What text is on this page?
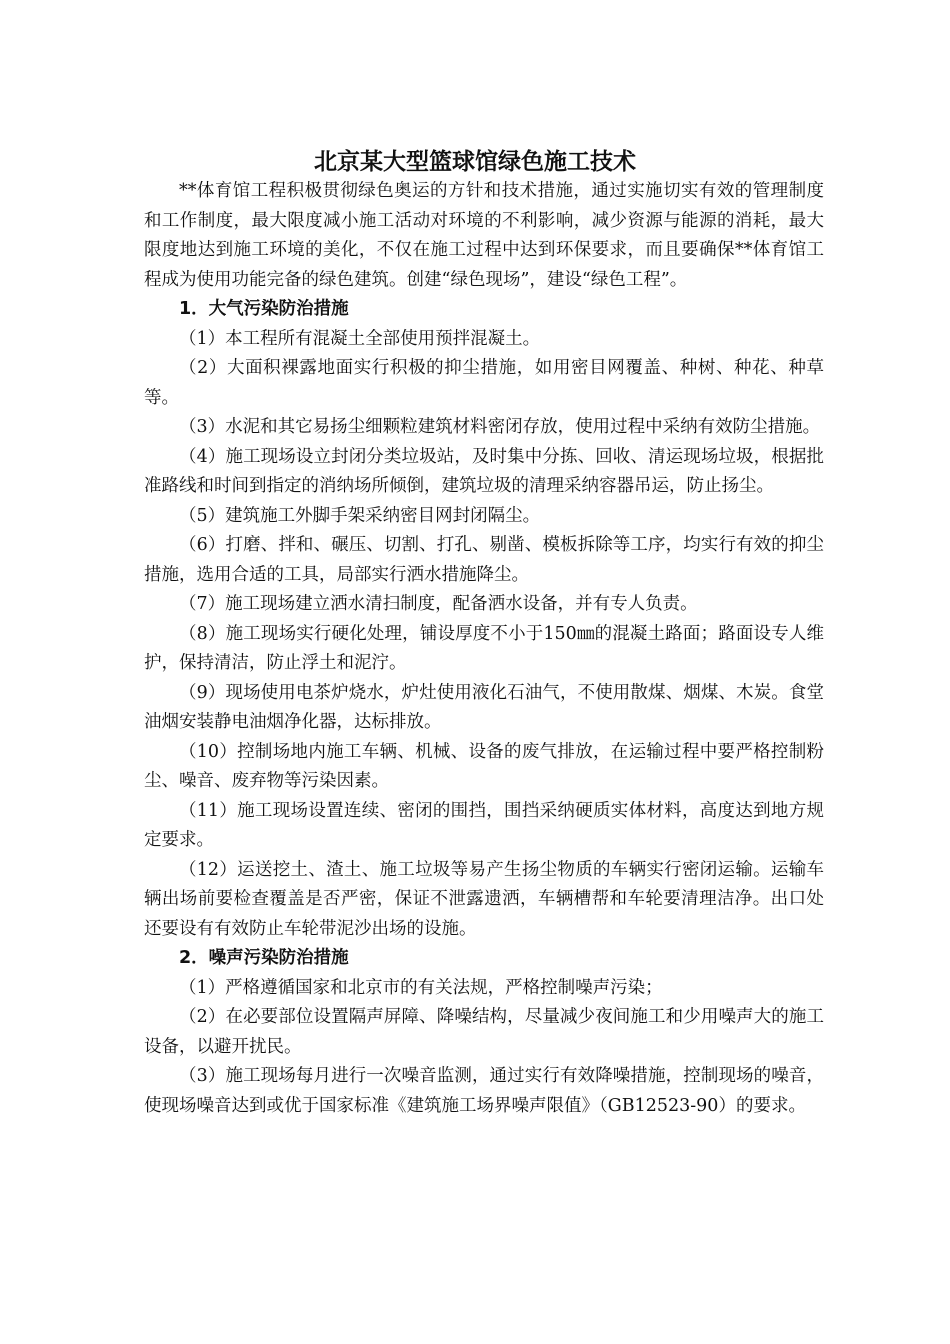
北京某大型篮球馆绿色施工技术

**体育馆工程积极贯彻绿色奥运的方针和技术措施，通过实施切实有效的管理制度和工作制度，最大限度减小施工活动对环境的不利影响，减少资源与能源的消耗，最大限度地达到施工环境的美化，不仅在施工过程中达到环保要求，而且要确保**体育馆工程成为使用功能完备的绿色建筑。创建“绿色现场”，建设“绿色工程”。

1．大气污染防治措施

（1）本工程所有混凝土全部使用预拌混凝土。

（2）大面积裸露地面实行积极的抑尘措施，如用密目网覆盖、种树、种花、种草等。

（3）水泥和其它易扬尘细颗粒建筑材料密闭存放，使用过程中采纳有效防尘措施。

（4）施工现场设立封闭分类垃圾站，及时集中分拣、回收、清运现场垃圾，根据批准路线和时间到指定的消纳场所倾倒，建筑垃圾的清理采纳容器吊运，防止扬尘。

（5）建筑施工外脚手架采纳密目网封闭隔尘。

（6）打磨、拌和、碾压、切割、打孔、剔凿、模板拆除等工序，均实行有效的抑尘措施，选用合适的工具，局部实行洒水措施降尘。

（7）施工现场建立洒水清扫制度，配备洒水设备，并有专人负责。

（8）施工现场实行硬化处理，铺设厚度不小于150㎜的混凝土路面；路面设专人维护，保持清洁，防止浮土和泥泞。

（9）现场使用电茶炉烧水，炉灶使用液化石油气，不使用散煤、烟煤、木炭。食堂油烟安装静电油烟净化器，达标排放。

（10）控制场地内施工车辆、机械、设备的废气排放，在运输过程中要严格控制粉尘、噪音、废弃物等污染因素。

（11）施工现场设置连续、密闭的围挡，围挡采纳硬质实体材料，高度达到地方规定要求。

（12）运送挖土、渣土、施工垃圾等易产生扬尘物质的车辆实行密闭运输。运输车辆出场前要检查覆盖是否严密，保证不泄露遗洒，车辆槽帮和车轮要清理洁净。出口处还要设有有效防止车轮带泥沙出场的设施。

2．噪声污染防治措施

（1）严格遵循国家和北京市的有关法规，严格控制噪声污染；

（2）在必要部位设置隔声屏障、降噪结构，尽量减少夜间施工和少用噪声大的施工设备，以避开扰民。

（3）施工现场每月进行一次噪音监测，通过实行有效降噪措施，控制现场的噪音，使现场噪音达到或优于国家标准《建筑施工场界噪声限值》（GB12523-90）的要求。
